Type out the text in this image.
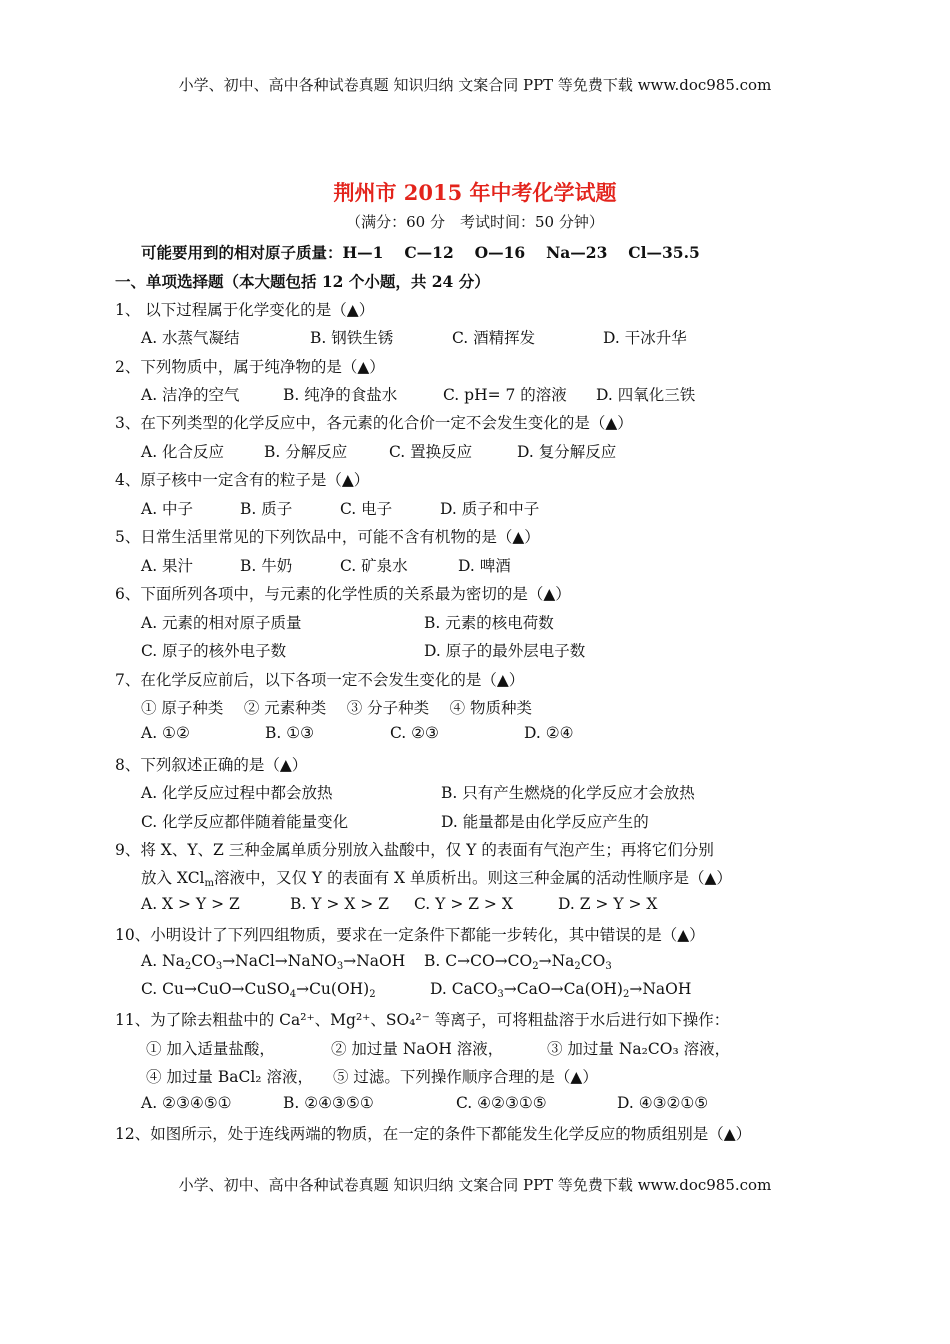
小学、初中、高中各种试卷真题 知识归纳 文案合同 PPT 等免费下载 www.doc985.com
荆州市 2015 年中考化学试题
（满分：60 分　考试时间：50 分钟）
可能要用到的相对原子质量：H—1　 C—12　 O—16　 Na—23　 Cl—35.5
一、单项选择题（本大题包括 12 个小题，共 24 分）
1、 以下过程属于化学变化的是（▲）
A. 水蒸气凝结	B. 钢铁生锈	C. 酒精挥发	D. 干冰升华
2、下列物质中，属于纯净物的是（▲）
A. 洁净的空气	B. 纯净的食盐水	C. pH= 7 的溶液 D. 四氧化三铁
3、在下列类型的化学反应中，各元素的化合价一定不会发生变化的是（▲）
A. 化合反应	B. 分解反应	C. 置换反应	D. 复分解反应
4、原子核中一定含有的粒子是（▲）
A. 中子	B. 质子	C. 电子	D. 质子和中子
5、日常生活里常见的下列饮品中，可能不含有机物的是（▲）
A. 果汁	B. 牛奶	C. 矿泉水	D. 啤酒
6、下面所列各项中，与元素的化学性质的关系最为密切的是（▲）
A. 元素的相对原子质量	B. 元素的核电荷数
C. 原子的核外电子数	D. 原子的最外层电子数
7、在化学反应前后，以下各项一定不会发生变化的是（▲）
① 原子种类　 ② 元素种类　 ③ 分子种类　 ④ 物质种类
A. ①②	B. ①③	C. ②③	D. ②④
8、下列叙述正确的是（▲）
A. 化学反应过程中都会放热	B. 只有产生燃烧的化学反应才会放热
C. 化学反应都伴随着能量变化	D. 能量都是由化学反应产生的
9、将 X、Y、Z 三种金属单质分别放入盐酸中，仅 Y 的表面有气泡产生；再将它们分别
放入 XCl$_m$溶液中，又仅 Y 的表面有 X 单质析出。则这三种金属的活动性顺序是（▲）
A. X > Y > Z	B. Y > X > Z C. Y > Z > X	D. Z > Y > X
10、小明设计了下列四组物质，要求在一定条件下都能一步转化，其中错误的是（▲）
A. $Na_2CO_3\to NaCl\to NaNO_3\to NaOH$ B. $C\to CO\to CO_2\to Na_2CO_3$
C. $Cu\to CuO\to CuSO_4\to Cu(OH)_2$	D. $CaCO_3\to CaO\to Ca(OH)_2\to NaOH$
11、为了除去粗盐中的 Ca²⁺、Mg²⁺、SO₄²⁻ 等离子，可将粗盐溶于水后进行如下操作：
① 加入适量盐酸，	② 加过量 NaOH 溶液，	③ 加过量 Na₂CO₃ 溶液，
④ 加过量 BaCl₂ 溶液， ⑤ 过滤。下列操作顺序合理的是（▲）
A. ②③④⑤①	B. ②④③⑤①	C. ④②③①⑤	D. ④③②①⑤
12、如图所示，处于连线两端的物质，在一定的条件下都能发生化学反应的物质组别是（▲）
小学、初中、高中各种试卷真题 知识归纳 文案合同 PPT 等免费下载 www.doc985.com
